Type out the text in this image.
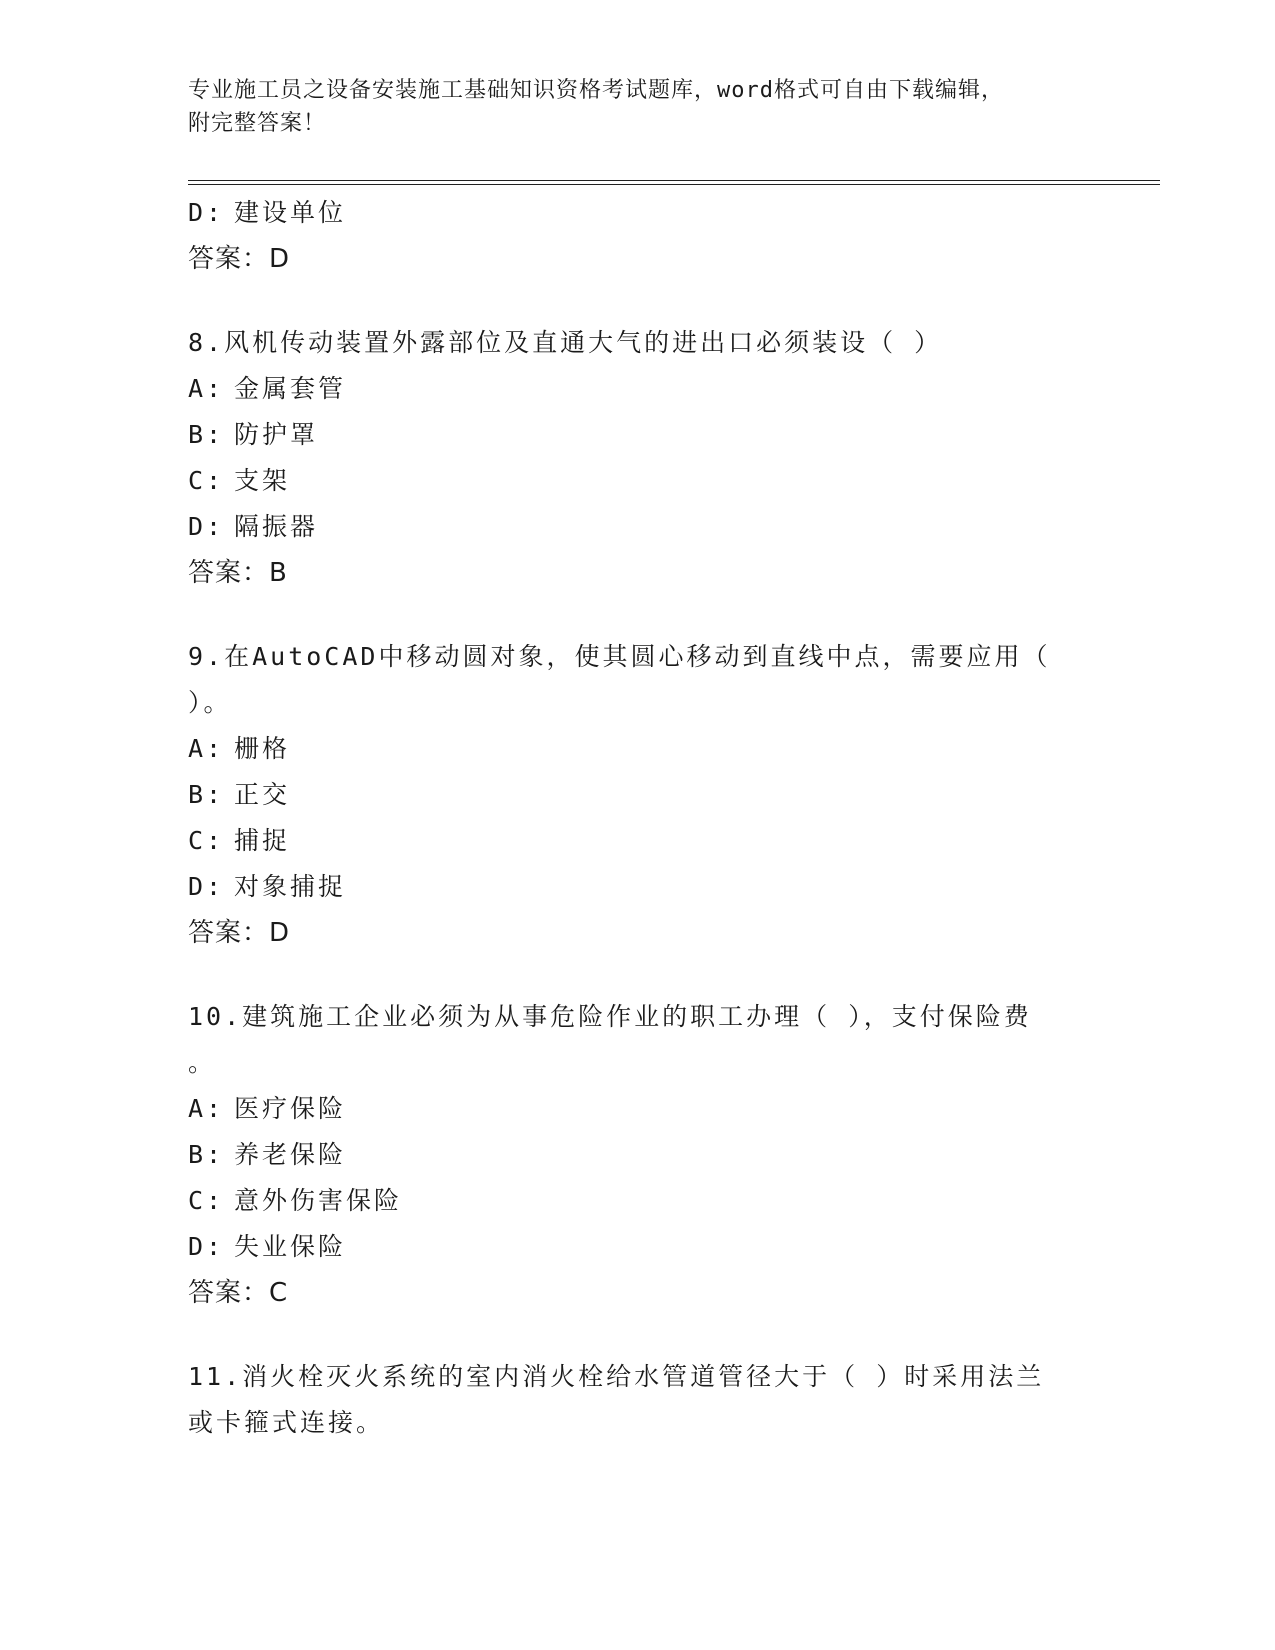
专业施工员之设备安装施工基础知识资格考试题库，word格式可自由下载编辑，
附完整答案！
D: 建设单位
答案：D
8.风机传动装置外露部位及直通大气的进出口必须装设（ ）
A: 金属套管
B: 防护罩
C: 支架
D: 隔振器
答案：B
9.在AutoCAD中移动圆对象，使其圆心移动到直线中点，需要应用（
）。
A: 栅格
B: 正交
C: 捕捉
D: 对象捕捉
答案：D
10.建筑施工企业必须为从事危险作业的职工办理（ ），支付保险费
。
A: 医疗保险
B: 养老保险
C: 意外伤害保险
D: 失业保险
答案：C
11.消火栓灭火系统的室内消火栓给水管道管径大于（ ）时采用法兰
或卡箍式连接。
